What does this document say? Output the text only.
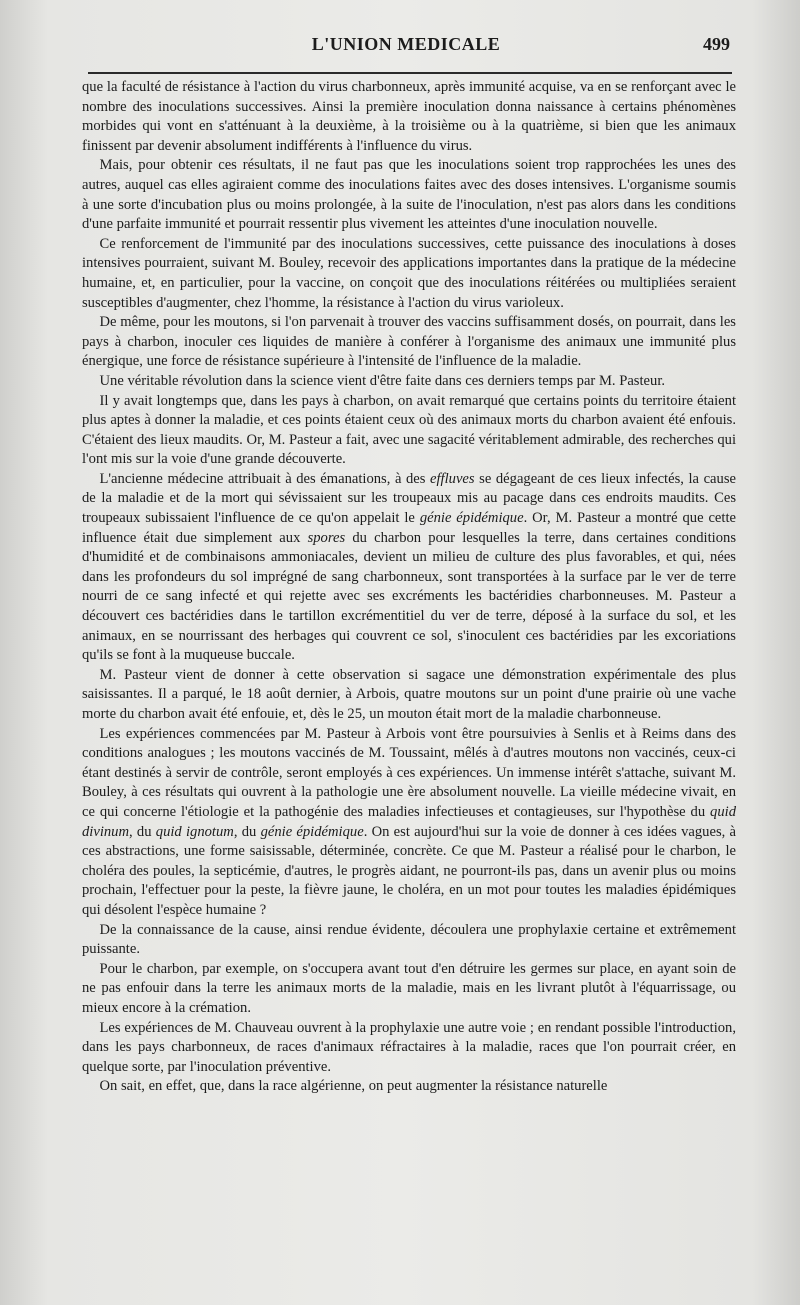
L'UNION MEDICALE	499

que la faculté de résistance à l'action du virus charbonneux, après immunité acquise, va en se renforçant avec le nombre des inoculations successives. Ainsi la première inoculation donna naissance à certains phénomènes morbides qui vont en s'atténuant à la deuxième, à la troisième ou à la quatrième, si bien que les animaux finissent par devenir absolument indifférents à l'influence du virus.

Mais, pour obtenir ces résultats, il ne faut pas que les inoculations soient trop rapprochées les unes des autres, auquel cas elles agiraient comme des inoculations faites avec des doses intensives. L'organisme soumis à une sorte d'incubation plus ou moins prolongée, à la suite de l'inoculation, n'est pas alors dans les conditions d'une parfaite immunité et pourrait ressentir plus vivement les atteintes d'une inoculation nouvelle.

Ce renforcement de l'immunité par des inoculations successives, cette puissance des inoculations à doses intensives pourraient, suivant M. Bouley, recevoir des applications importantes dans la pratique de la médecine humaine, et, en particulier, pour la vaccine, on conçoit que des inoculations réitérées ou multipliées seraient susceptibles d'augmenter, chez l'homme, la résistance à l'action du virus varioleux.

De même, pour les moutons, si l'on parvenait à trouver des vaccins suffisamment dosés, on pourrait, dans les pays à charbon, inoculer ces liquides de manière à conférer à l'organisme des animaux une immunité plus énergique, une force de résistance supérieure à l'intensité de l'influence de la maladie.

Une véritable révolution dans la science vient d'être faite dans ces derniers temps par M. Pasteur.

Il y avait longtemps que, dans les pays à charbon, on avait remarqué que certains points du territoire étaient plus aptes à donner la maladie, et ces points étaient ceux où des animaux morts du charbon avaient été enfouis. C'étaient des lieux maudits. Or, M. Pasteur a fait, avec une sagacité véritablement admirable, des recherches qui l'ont mis sur la voie d'une grande découverte.

L'ancienne médecine attribuait à des émanations, à des effluves se dégageant de ces lieux infectés, la cause de la maladie et de la mort qui sévissaient sur les troupeaux mis au pacage dans ces endroits maudits. Ces troupeaux subissaient l'influence de ce qu'on appelait le génie épidémique. Or, M. Pasteur a montré que cette influence était due simplement aux spores du charbon pour lesquelles la terre, dans certaines conditions d'humidité et de combinaisons ammoniacales, devient un milieu de culture des plus favorables, et qui, nées dans les profondeurs du sol imprégné de sang charbonneux, sont transportées à la surface par le ver de terre nourri de ce sang infecté et qui rejette avec ses excréments les bactéridies charbonneuses. M. Pasteur a découvert ces bactéridies dans le tartillon excrémentitiel du ver de terre, déposé à la surface du sol, et les animaux, en se nourrissant des herbages qui couvrent ce sol, s'inoculent ces bactéridies par les excoriations qu'ils se font à la muqueuse buccale.

M. Pasteur vient de donner à cette observation si sagace une démonstration expérimentale des plus saisissantes. Il a parqué, le 18 août dernier, à Arbois, quatre moutons sur un point d'une prairie où une vache morte du charbon avait été enfouie, et, dès le 25, un mouton était mort de la maladie charbonneuse.

Les expériences commencées par M. Pasteur à Arbois vont être poursuivies à Senlis et à Reims dans des conditions analogues ; les moutons vaccinés de M. Toussaint, mêlés à d'autres moutons non vaccinés, ceux-ci étant destinés à servir de contrôle, seront employés à ces expériences. Un immense intérêt s'attache, suivant M. Bouley, à ces résultats qui ouvrent à la pathologie une ère absolument nouvelle. La vieille médecine vivait, en ce qui concerne l'étiologie et la pathogénie des maladies infectieuses et contagieuses, sur l'hypothèse du quid divinum, du quid ignotum, du génie épidémique. On est aujourd'hui sur la voie de donner à ces idées vagues, à ces abstractions, une forme saisissable, déterminée, concrète. Ce que M. Pasteur a réalisé pour le charbon, le choléra des poules, la septicémie, d'autres, le progrès aidant, ne pourront-ils pas, dans un avenir plus ou moins prochain, l'effectuer pour la peste, la fièvre jaune, le choléra, en un mot pour toutes les maladies épidémiques qui désolent l'espèce humaine ?

De la connaissance de la cause, ainsi rendue évidente, découlera une prophylaxie certaine et extrêmement puissante.

Pour le charbon, par exemple, on s'occupera avant tout d'en détruire les germes sur place, en ayant soin de ne pas enfouir dans la terre les animaux morts de la maladie, mais en les livrant plutôt à l'équarrissage, ou mieux encore à la crémation.

Les expériences de M. Chauveau ouvrent à la prophylaxie une autre voie ; en rendant possible l'introduction, dans les pays charbonneux, de races d'animaux réfractaires à la maladie, races que l'on pourrait créer, en quelque sorte, par l'inoculation préventive.

On sait, en effet, que, dans la race algérienne, on peut augmenter la résistance naturelle
